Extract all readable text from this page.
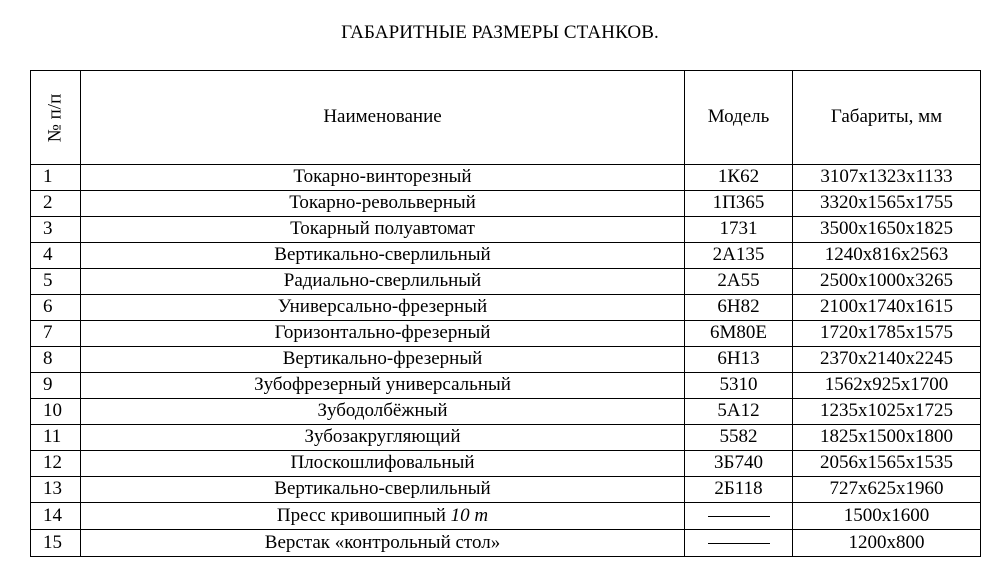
ГАБАРИТНЫЕ РАЗМЕРЫ СТАНКОВ.
№ п/п	Наименование	Модель	Габариты, мм
1	Токарно-винторезный	1К62	3107x1323x1133
2	Токарно-револьверный	1П365	3320x1565x1755
3	Токарный полуавтомат	1731	3500x1650x1825
4	Вертикально-сверлильный	2А135	1240x816x2563
5	Радиально-сверлильный	2А55	2500x1000x3265
6	Универсально-фрезерный	6Н82	2100x1740x1615
7	Горизонтально-фрезерный	6М80Е	1720x1785x1575
8	Вертикально-фрезерный	6Н13	2370x2140x2245
9	Зубофрезерный универсальный	5310	1562x925x1700
10	Зубодолбёжный	5А12	1235x1025x1725
11	Зубозакругляющий	5582	1825x1500x1800
12	Плоскошлифовальный	3Б740	2056x1565x1535
13	Вертикально-сверлильный	2Б118	727x625x1960
14	Пресс кривошипный 10 т		1500x1600
15	Верстак «контрольный стол»		1200x800
